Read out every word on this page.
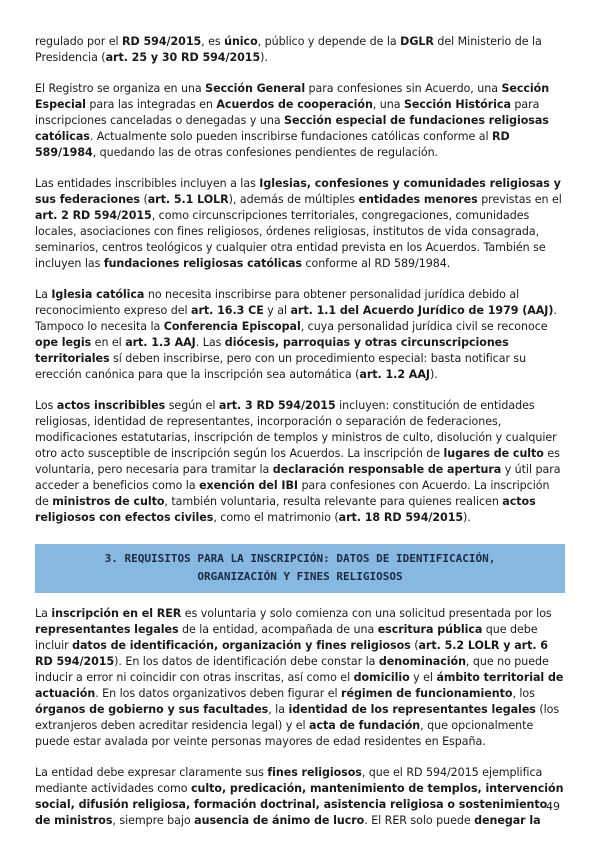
regulado por el RD 594/2015, es único, público y depende de la DGLR del Ministerio de la Presidencia (art. 25 y 30 RD 594/2015).

El Registro se organiza en una Sección General para confesiones sin Acuerdo, una Sección Especial para las integradas en Acuerdos de cooperación, una Sección Histórica para inscripciones canceladas o denegadas y una Sección especial de fundaciones religiosas católicas. Actualmente solo pueden inscribirse fundaciones católicas conforme al RD 589/1984, quedando las de otras confesiones pendientes de regulación.

Las entidades inscribibles incluyen a las Iglesias, confesiones y comunidades religiosas y sus federaciones (art. 5.1 LOLR), además de múltiples entidades menores previstas en el art. 2 RD 594/2015, como circunscripciones territoriales, congregaciones, comunidades locales, asociaciones con fines religiosos, órdenes religiosas, institutos de vida consagrada, seminarios, centros teológicos y cualquier otra entidad prevista en los Acuerdos. También se incluyen las fundaciones religiosas católicas conforme al RD 589/1984.

La Iglesia católica no necesita inscribirse para obtener personalidad jurídica debido al reconocimiento expreso del art. 16.3 CE y al art. 1.1 del Acuerdo Jurídico de 1979 (AAJ). Tampoco lo necesita la Conferencia Episcopal, cuya personalidad jurídica civil se reconoce ope legis en el art. 1.3 AAJ. Las diócesis, parroquias y otras circunscripciones territoriales sí deben inscribirse, pero con un procedimiento especial: basta notificar su erección canónica para que la inscripción sea automática (art. 1.2 AAJ).

Los actos inscribibles según el art. 3 RD 594/2015 incluyen: constitución de entidades religiosas, identidad de representantes, incorporación o separación de federaciones, modificaciones estatutarias, inscripción de templos y ministros de culto, disolución y cualquier otro acto susceptible de inscripción según los Acuerdos. La inscripción de lugares de culto es voluntaria, pero necesaria para tramitar la declaración responsable de apertura y útil para acceder a beneficios como la exención del IBI para confesiones con Acuerdo. La inscripción de ministros de culto, también voluntaria, resulta relevante para quienes realicen actos religiosos con efectos civiles, como el matrimonio (art. 18 RD 594/2015).

3. REQUISITOS PARA LA INSCRIPCIÓN: DATOS DE IDENTIFICACIÓN,
ORGANIZACIÓN Y FINES RELIGIOSOS

La inscripción en el RER es voluntaria y solo comienza con una solicitud presentada por los representantes legales de la entidad, acompañada de una escritura pública que debe incluir datos de identificación, organización y fines religiosos (art. 5.2 LOLR y art. 6 RD 594/2015). En los datos de identificación debe constar la denominación, que no puede inducir a error ni coincidir con otras inscritas, así como el domicilio y el ámbito territorial de actuación. En los datos organizativos deben figurar el régimen de funcionamiento, los órganos de gobierno y sus facultades, la identidad de los representantes legales (los extranjeros deben acreditar residencia legal) y el acta de fundación, que opcionalmente puede estar avalada por veinte personas mayores de edad residentes en España.

La entidad debe expresar claramente sus fines religiosos, que el RD 594/2015 ejemplifica mediante actividades como culto, predicación, mantenimiento de templos, intervención social, difusión religiosa, formación doctrinal, asistencia religiosa o sostenimiento de ministros, siempre bajo ausencia de ánimo de lucro. El RER solo puede denegar la

49
